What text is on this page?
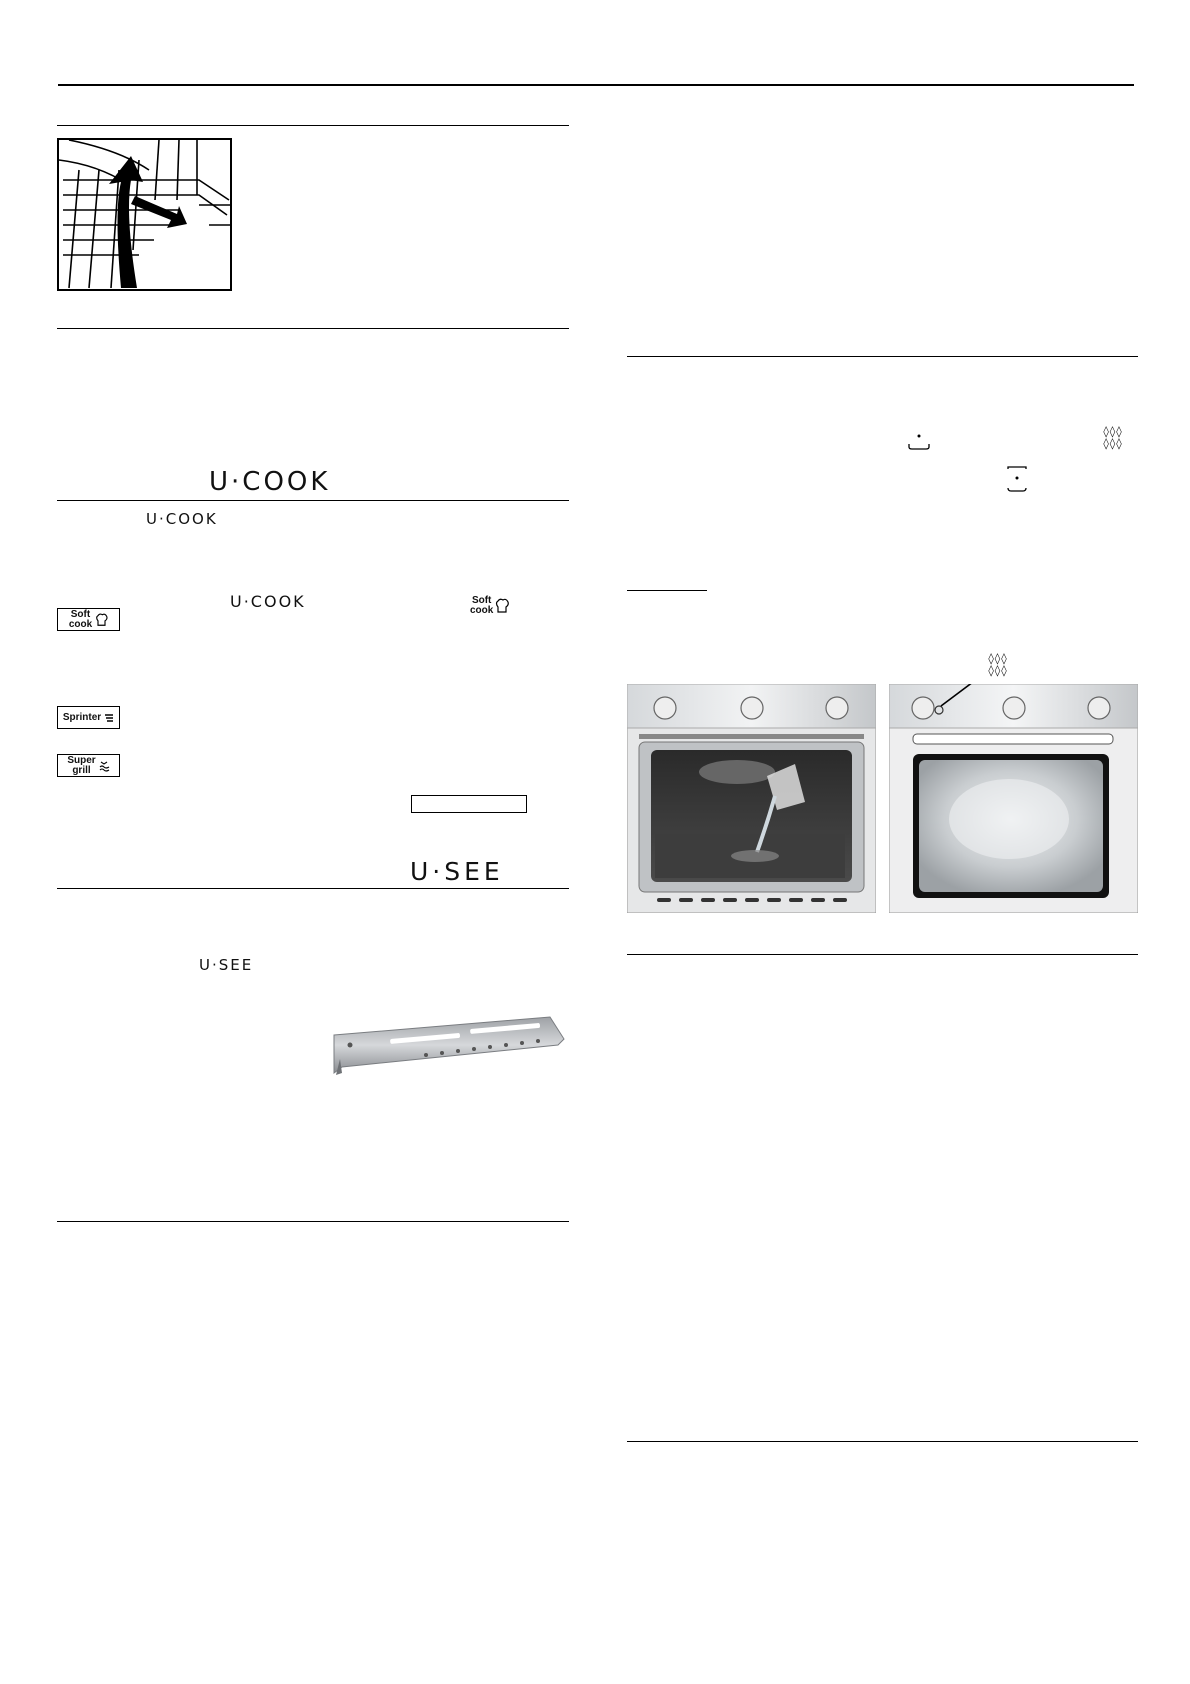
U·COOK
U·COOK
U·COOK	Soft
cook
Soft
cook
Sprinter
Super
grill
U·SEE
U·SEE
◊◊◊
◊◊◊
◊◊◊
◊◊◊
